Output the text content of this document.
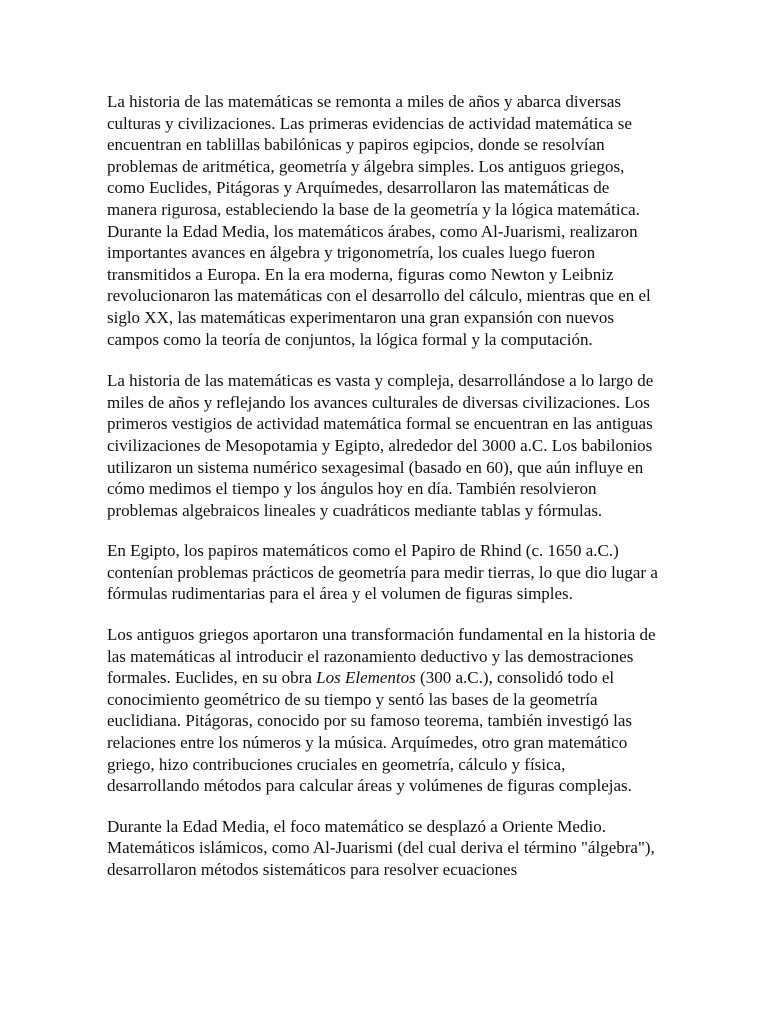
La historia de las matemáticas se remonta a miles de años y abarca diversas culturas y civilizaciones. Las primeras evidencias de actividad matemática se encuentran en tablillas babilónicas y papiros egipcios, donde se resolvían problemas de aritmética, geometría y álgebra simples. Los antiguos griegos, como Euclides, Pitágoras y Arquímedes, desarrollaron las matemáticas de manera rigurosa, estableciendo la base de la geometría y la lógica matemática. Durante la Edad Media, los matemáticos árabes, como Al-Juarismi, realizaron importantes avances en álgebra y trigonometría, los cuales luego fueron transmitidos a Europa. En la era moderna, figuras como Newton y Leibniz revolucionaron las matemáticas con el desarrollo del cálculo, mientras que en el siglo XX, las matemáticas experimentaron una gran expansión con nuevos campos como la teoría de conjuntos, la lógica formal y la computación.

La historia de las matemáticas es vasta y compleja, desarrollándose a lo largo de miles de años y reflejando los avances culturales de diversas civilizaciones. Los primeros vestigios de actividad matemática formal se encuentran en las antiguas civilizaciones de Mesopotamia y Egipto, alrededor del 3000 a.C. Los babilonios utilizaron un sistema numérico sexagesimal (basado en 60), que aún influye en cómo medimos el tiempo y los ángulos hoy en día. También resolvieron problemas algebraicos lineales y cuadráticos mediante tablas y fórmulas.

En Egipto, los papiros matemáticos como el Papiro de Rhind (c. 1650 a.C.) contenían problemas prácticos de geometría para medir tierras, lo que dio lugar a fórmulas rudimentarias para el área y el volumen de figuras simples.

Los antiguos griegos aportaron una transformación fundamental en la historia de las matemáticas al introducir el razonamiento deductivo y las demostraciones formales. Euclides, en su obra Los Elementos (300 a.C.), consolidó todo el conocimiento geométrico de su tiempo y sentó las bases de la geometría euclidiana. Pitágoras, conocido por su famoso teorema, también investigó las relaciones entre los números y la música. Arquímedes, otro gran matemático griego, hizo contribuciones cruciales en geometría, cálculo y física, desarrollando métodos para calcular áreas y volúmenes de figuras complejas.

Durante la Edad Media, el foco matemático se desplazó a Oriente Medio. Matemáticos islámicos, como Al-Juarismi (del cual deriva el término "álgebra"), desarrollaron métodos sistemáticos para resolver ecuaciones
